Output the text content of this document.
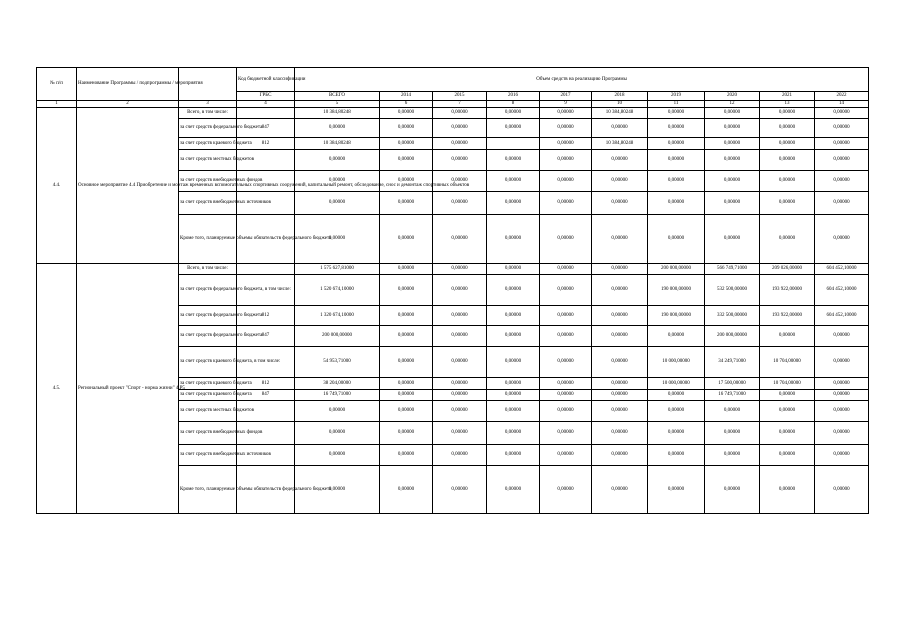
№ п/п	Наименование Программы / подпрограммы / мероприятия		Код бюджетной классификации	Объем средств на реализацию Программы									
			ГРБС	ВСЕГО	2014	2015	2016	2017	2018	2019	2020	2021	2022
1	2	3	4	5	6	7	8	9	10	11	12	13	14
4.4.	Основное мероприятие 4.4 Приобретение и монтаж временных вспомогательных спортивных сооружений, капитальный ремонт, обследование, снос и демонтаж спортивных объектов	Всего, в том числе:		10 384,80248	0,00000	0,00000	0,00000	0,00000	10 384,80248	0,00000	0,00000	0,00000	0,00000
		за счет средств федерального бюджета	847	0,00000	0,00000	0,00000	0,00000	0,00000	0,00000	0,00000	0,00000	0,00000	0,00000
		за счет средств краевого бюджета	812	10 384,80248	0,00000	0,00000		0,00000	10 384,80248	0,00000	0,00000	0,00000	0,00000
		за счет средств местных бюджетов		0,00000	0,00000	0,00000	0,00000	0,00000	0,00000	0,00000	0,00000	0,00000	0,00000
		за счет средств внебюджетных фондов		0,00000	0,00000	0,00000	0,00000	0,00000	0,00000	0,00000	0,00000	0,00000	0,00000
		за счет средств внебюджетных источников		0,00000	0,00000	0,00000	0,00000	0,00000	0,00000	0,00000	0,00000	0,00000	0,00000
		Кроме того, планируемые объемы обязательств федерального бюджета		0,00000	0,00000	0,00000	0,00000	0,00000	0,00000	0,00000	0,00000	0,00000	0,00000
4.5.	Региональный проект "Спорт - норма жизни" 4.Р5	Всего, в том числе:		1 575 627,81000	0,00000	0,00000	0,00000	0,00000	0,00000	200 000,00000	566 749,71000	209 026,00000	604 452,10000
		за счет средств федерального бюджета, в том числе:		1 520 674,10000	0,00000	0,00000	0,00000	0,00000	0,00000	190 000,00000	532 500,00000	193 922,00000	604 452,10000
		за счет средств федерального бюджета	812	1 320 674,10000	0,00000	0,00000	0,00000	0,00000	0,00000	190 000,00000	332 500,00000	193 922,00000	604 452,10000
		за счет средств федерального бюджета	847	200 000,00000	0,00000	0,00000	0,00000	0,00000	0,00000	0,00000	200 000,00000	0,00000	0,00000
		за счет средств краевого бюджета, в том числе:		54 953,71000	0,00000	0,00000	0,00000	0,00000	0,00000	10 000,00000	34 249,71000	10 704,00000	0,00000
		за счет средств краевого бюджета	812	38 204,00000	0,00000	0,00000	0,00000	0,00000	0,00000	10 000,00000	17 500,00000	10 704,00000	0,00000
		за счет средств краевого бюджета	847	16 749,71000	0,00000	0,00000	0,00000	0,00000	0,00000	0,00000	16 749,71000	0,00000	0,00000
		за счет средств местных бюджетов		0,00000	0,00000	0,00000	0,00000	0,00000	0,00000	0,00000	0,00000	0,00000	0,00000
		за счет средств внебюджетных фондов		0,00000	0,00000	0,00000	0,00000	0,00000	0,00000	0,00000	0,00000	0,00000	0,00000
		за счет средств внебюджетных источников		0,00000	0,00000	0,00000	0,00000	0,00000	0,00000	0,00000	0,00000	0,00000	0,00000
		Кроме того, планируемые объемы обязательств федерального бюджета		0,00000	0,00000	0,00000	0,00000	0,00000	0,00000	0,00000	0,00000	0,00000	0,00000
